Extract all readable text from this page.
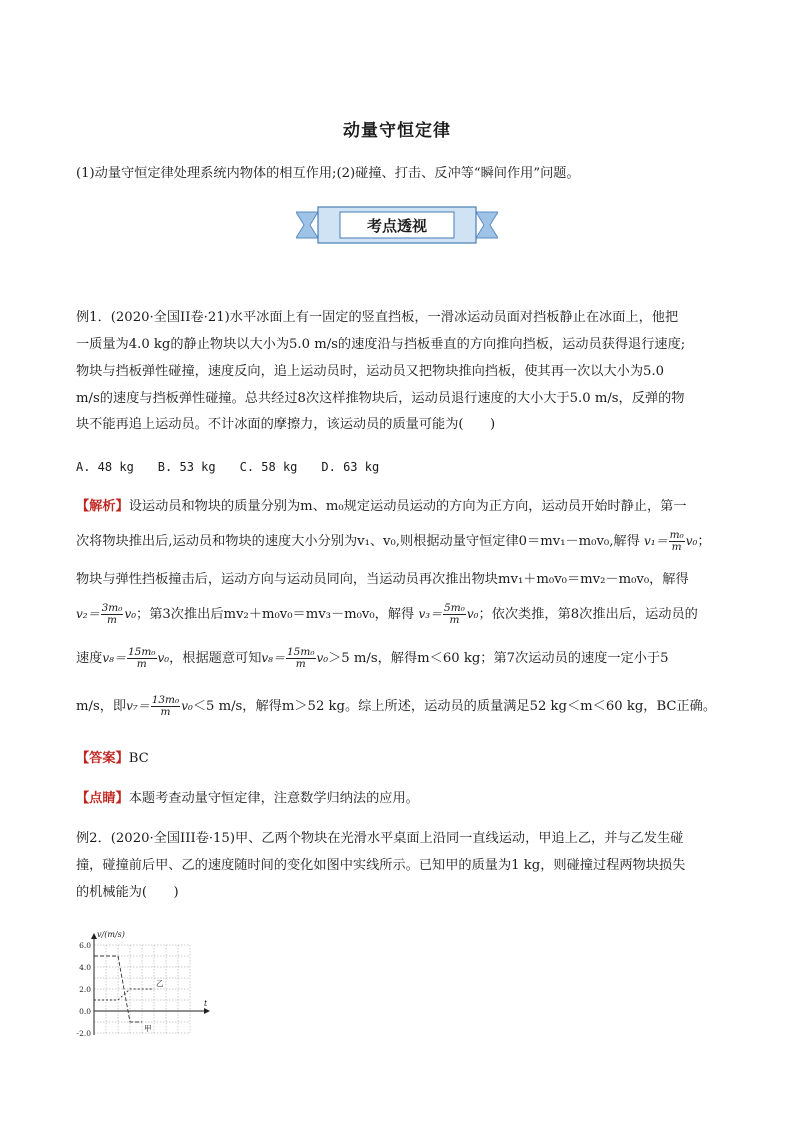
动量守恒定律
(1)动量守恒定律处理系统内物体的相互作用;(2)碰撞、打击、反冲等“瞬间作用”问题。
考点透视
例1．(2020·全国II卷·21)水平冰面上有一固定的竖直挡板，一滑冰运动员面对挡板静止在冰面上，他把
一质量为4.0 kg的静止物块以大小为5.0 m/s的速度沿与挡板垂直的方向推向挡板，运动员获得退行速度;
物块与挡板弹性碰撞，速度反向，追上运动员时，运动员又把物块推向挡板，使其再一次以大小为5.0
m/s的速度与挡板弹性碰撞。总共经过8次这样推物块后，运动员退行速度的大小大于5.0 m/s，反弹的物
块不能再追上运动员。不计冰面的摩擦力，该运动员的质量可能为(　　)
A. 48 kg　　B. 53 kg　　C. 58 kg　　D. 63 kg
【解析】设运动员和物块的质量分别为m、m₀规定运动员运动的方向为正方向，运动员开始时静止，第一
次将物块推出后,运动员和物块的速度大小分别为v₁、v₀,则根据动量守恒定律0＝mv₁－m₀v₀,解得 $v_1= \frac{\text{m₀}}{m} v_0$；
物块与弹性挡板撞击后，运动方向与运动员同向，当运动员再次推出物块mv₁＋m₀v₀＝mv₂－m₀v₀，解得
$v_2= \frac{\text{3m₀}}{m} v_0$；第3次推出后mv₂＋m₀v₀＝mv₃－m₀v₀，解得 $v_3= \frac{\text{5m₀}}{m} v_0$；依次类推，第8次推出后，运动员的
速度$v_8= \frac{\text{15m₀}}{m} v_0$，根据题意可知$v_8= \frac{\text{15m₀}}{m} v_0>5$ m/s，解得m＜60 kg；第7次运动员的速度一定小于5
m/s，即$v_7= \frac{\text{13m₀}}{m} v_0<5$ m/s，解得m＞52 kg。综上所述，运动员的质量满足52 kg＜m＜60 kg，BC正确。
【答案】BC
【点睛】本题考查动量守恒定律，注意数学归纳法的应用。
例2．(2020·全国III卷·15)甲、乙两个物块在光滑水平桌面上沿同一直线运动，甲追上乙，并与乙发生碰
撞，碰撞前后甲、乙的速度随时间的变化如图中实线所示。已知甲的质量为1 kg，则碰撞过程两物块损失
的机械能为(　　)
v/(m/s)
t
6.0
4.0
2.0
0.0
-2.0
甲
乙
